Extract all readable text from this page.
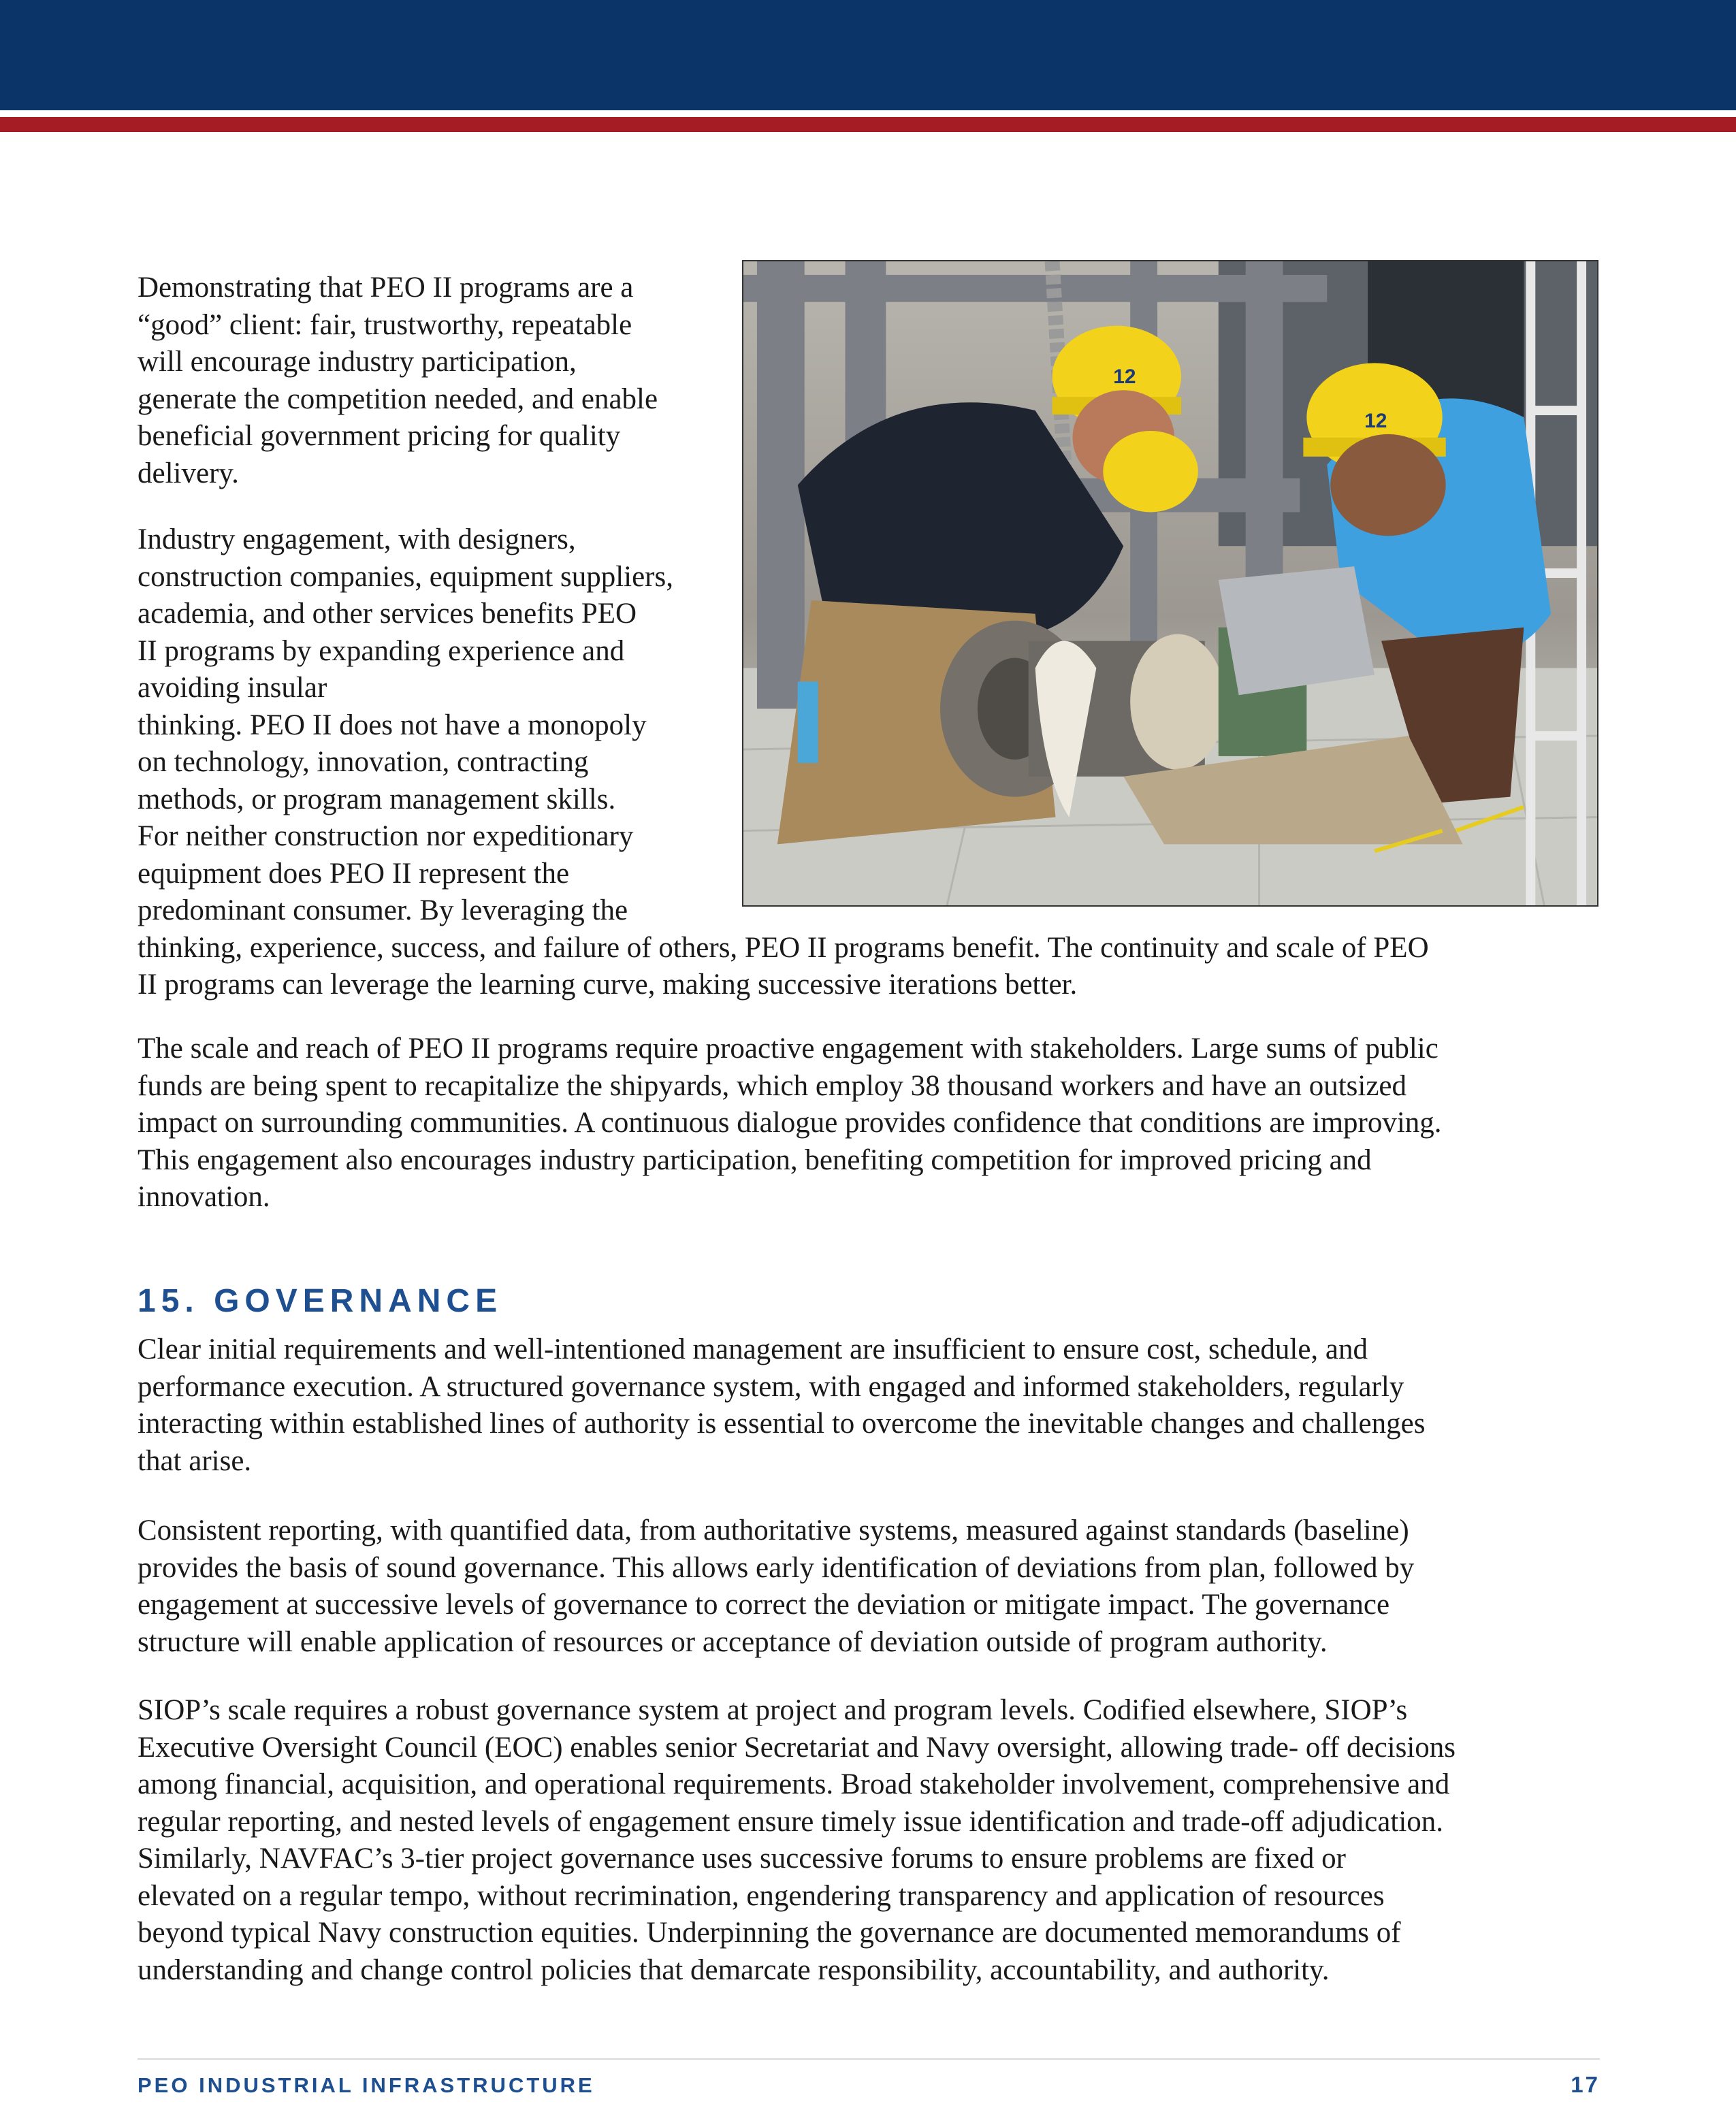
12
12
Demonstrating that PEO II programs are a
“good” client: fair, trustworthy, repeatable
will encourage industry participation,
generate the competition needed, and enable
beneficial government pricing for quality
delivery.
Industry engagement, with designers,
construction companies, equipment suppliers,
academia, and other services benefits PEO
II programs by expanding experience and
avoiding insular
thinking. PEO II does not have a monopoly
on technology, innovation, contracting
methods, or program management skills.
For neither construction nor expeditionary
equipment does PEO II represent the
predominant consumer. By leveraging the
thinking, experience, success, and failure of others, PEO II programs benefit. The continuity and scale of PEO
II programs can leverage the learning curve, making successive iterations better.
The scale and reach of PEO II programs require proactive engagement with stakeholders. Large sums of public
funds are being spent to recapitalize the shipyards, which employ 38 thousand workers and have an outsized
impact on surrounding communities. A continuous dialogue provides confidence that conditions are improving.
This engagement also encourages industry participation, benefiting competition for improved pricing and
innovation.
15. GOVERNANCE
Clear initial requirements and well-intentioned management are insufficient to ensure cost, schedule, and
performance execution. A structured governance system, with engaged and informed stakeholders, regularly
interacting within established lines of authority is essential to overcome the inevitable changes and challenges
that arise.
Consistent reporting, with quantified data, from authoritative systems, measured against standards (baseline)
provides the basis of sound governance. This allows early identification of deviations from plan, followed by
engagement at successive levels of governance to correct the deviation or mitigate impact. The governance
structure will enable application of resources or acceptance of deviation outside of program authority.
SIOP’s scale requires a robust governance system at project and program levels. Codified elsewhere, SIOP’s
Executive Oversight Council (EOC) enables senior Secretariat and Navy oversight, allowing trade- off decisions
among financial, acquisition, and operational requirements. Broad stakeholder involvement, comprehensive and
regular reporting, and nested levels of engagement ensure timely issue identification and trade-off adjudication.
Similarly, NAVFAC’s 3-tier project governance uses successive forums to ensure problems are fixed or
elevated on a regular tempo, without recrimination, engendering transparency and application of resources
beyond typical Navy construction equities. Underpinning the governance are documented memorandums of
understanding and change control policies that demarcate responsibility, accountability, and authority.
PEO INDUSTRIAL INFRASTRUCTURE	17
